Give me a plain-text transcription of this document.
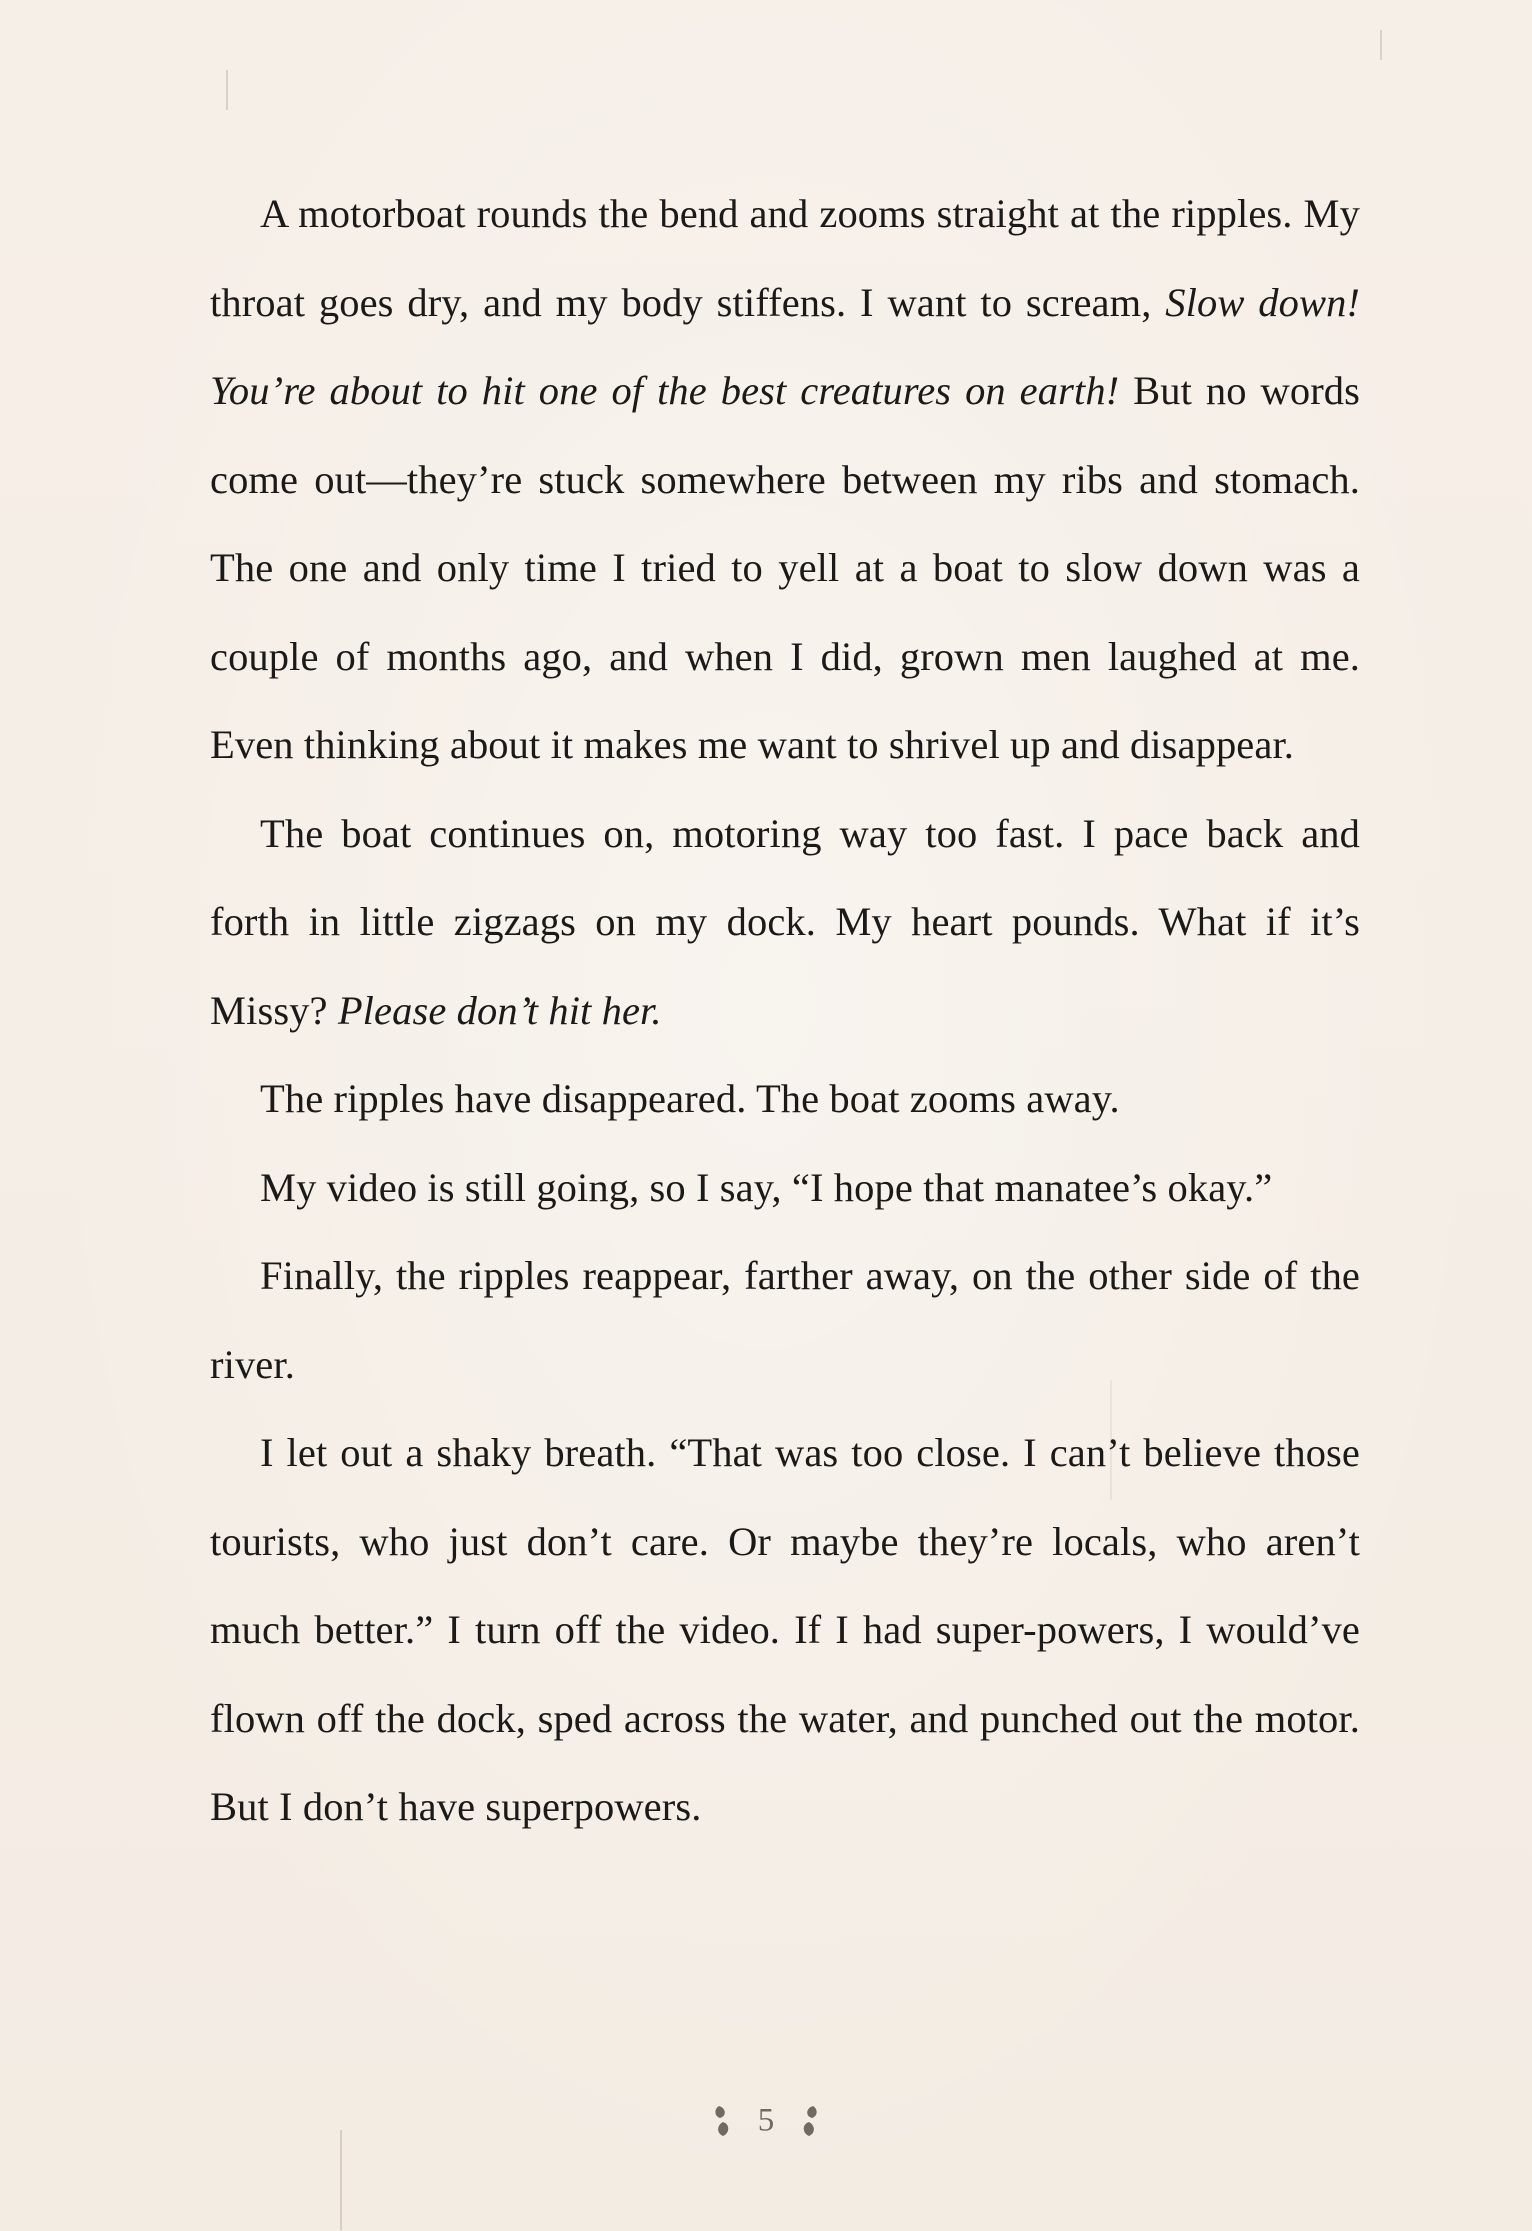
A motorboat rounds the bend and zooms straight at the ripples. My throat goes dry, and my body stiffens. I want to scream, Slow down! You’re about to hit one of the best creatures on earth! But no words come out—they’re stuck somewhere between my ribs and stomach. The one and only time I tried to yell at a boat to slow down was a couple of months ago, and when I did, grown men laughed at me. Even thinking about it makes me want to shrivel up and disappear.

The boat continues on, motoring way too fast. I pace back and forth in little zigzags on my dock. My heart pounds. What if it’s Missy? Please don’t hit her.

The ripples have disappeared. The boat zooms away.

My video is still going, so I say, “I hope that manatee’s okay.”

Finally, the ripples reappear, farther away, on the other side of the river.

I let out a shaky breath. “That was too close. I can’t believe those tourists, who just don’t care. Or maybe they’re locals, who aren’t much better.” I turn off the video. If I had super-powers, I would’ve flown off the dock, sped across the water, and punched out the motor. But I don’t have superpowers.

5
